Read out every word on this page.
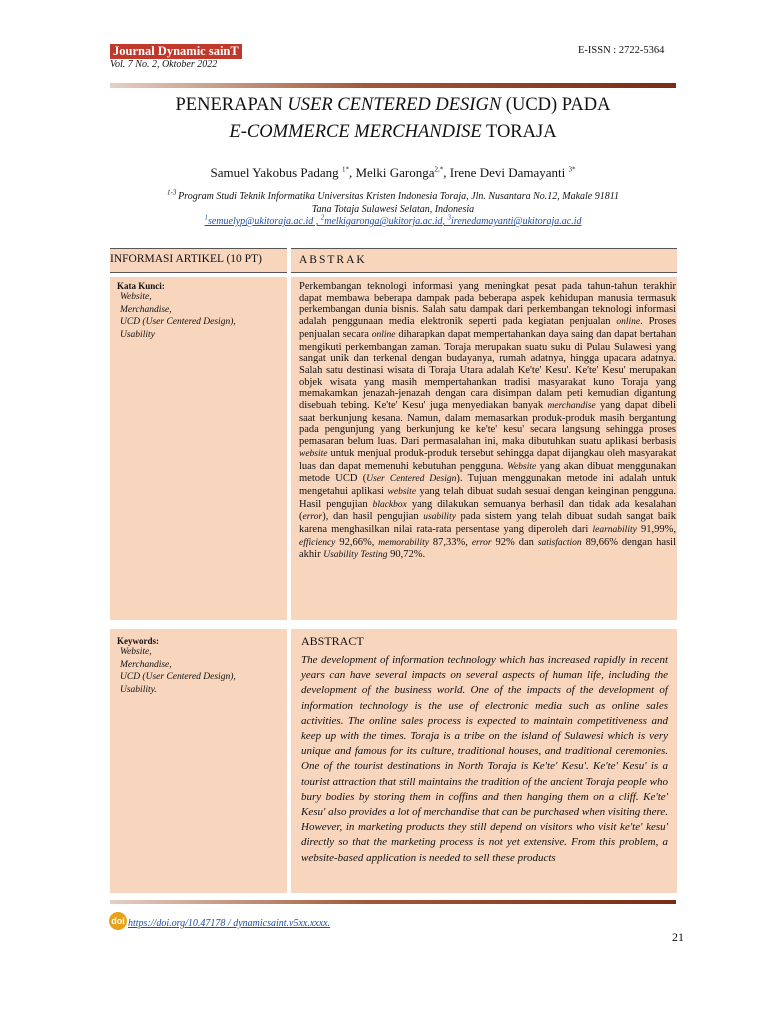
Journal Dynamic sainT
Vol. 7 No. 2, Oktober 2022
E-ISSN : 2722-5364
PENERAPAN USER CENTERED DESIGN (UCD) PADA
E-COMMERCE MERCHANDISE TORAJA
Samuel Yakobus Padang $^{1*}$, Melki Garonga$^{2,*}$, Irene Devi Damayanti $^{3*}$
$^{1-3}$ Program Studi Teknik Informatika Universitas Kristen Indonesia Toraja, Jln. Nusantara No.12, Makale 91811
Tana Totaja Sulawesi Selatan, Indonesia
$^1$semuelyp@ukitoraja.ac.id , $^2$melkigaronga@ukitorja.ac.id, $^3$irenedamayanti@ukitoraja.ac.id
INFORMASI ARTIKEL (10 PT)	ABSTRAK
Kata Kunci:
Website,
Merchandise,
UCD (User Centered Design),
Usability
Perkembangan teknologi informasi yang meningkat pesat pada tahun-tahun terakhir dapat membawa beberapa dampak pada beberapa aspek kehidupan manusia termasuk perkembangan dunia bisnis. Salah satu dampak dari perkembangan teknologi informasi adalah penggunaan media elektronik seperti pada kegiatan penjualan online. Proses penjualan secara online diharapkan dapat mempertahankan daya saing dan dapat bertahan mengikuti perkembangan zaman. Toraja merupakan suatu suku di Pulau Sulawesi yang sangat unik dan terkenal dengan budayanya, rumah adatnya, hingga upacara adatnya. Salah satu destinasi wisata di Toraja Utara adalah Ke'te' Kesu'. Ke'te' Kesu' merupakan objek wisata yang masih mempertahankan tradisi masyarakat kuno Toraja yang memakamkan jenazah-jenazah dengan cara disimpan dalam peti kemudian digantung disebuah tebing. Ke'te' Kesu' juga menyediakan banyak merchandise yang dapat dibeli saat berkunjung kesana. Namun, dalam memasarkan produk-produk masih bergantung pada pengunjung yang berkunjung ke ke'te' kesu' secara langsung sehingga proses pemasaran belum luas. Dari permasalahan ini, maka dibutuhkan suatu aplikasi berbasis website untuk menjual produk-produk tersebut sehingga dapat dijangkau oleh masyarakat luas dan dapat memenuhi kebutuhan pengguna. Website yang akan dibuat menggunakan metode UCD (User Centered Design). Tujuan menggunakan metode ini adalah untuk mengetahui aplikasi website yang telah dibuat sudah sesuai dengan keinginan pengguna. Hasil pengujian blackbox yang dilakukan semuanya berhasil dan tidak ada kesalahan (error), dan hasil pengujian usability pada sistem yang telah dibuat sudah sangat baik karena menghasilkan nilai rata-rata persentase yang diperoleh dari learnability 91,99%, efficiency 92,66%, memorability 87,33%, error 92% dan satisfaction 89,66% dengan hasil akhir Usability Testing 90,72%.
Keywords:
Website,
Merchandise,
UCD (User Centered Design),
Usability.
ABSTRACT
The development of information technology which has increased rapidly in recent years can have several impacts on several aspects of human life, including the development of the business world. One of the impacts of the development of information technology is the use of electronic media such as online sales activities. The online sales process is expected to maintain competitiveness and keep up with the times. Toraja is a tribe on the island of Sulawesi which is very unique and famous for its culture, traditional houses, and traditional ceremonies. One of the tourist destinations in North Toraja is Ke'te' Kesu'. Ke'te' Kesu' is a tourist attraction that still maintains the tradition of the ancient Toraja people who bury bodies by storing them in coffins and then hanging them on a cliff. Ke'te' Kesu' also provides a lot of merchandise that can be purchased when visiting there. However, in marketing products they still depend on visitors who visit ke'te' kesu' directly so that the marketing process is not yet extensive. From this problem, a website-based application is needed to sell these products
doi https://doi.org/10.47178 / dynamicsaint.v5xx.xxxx.
21
